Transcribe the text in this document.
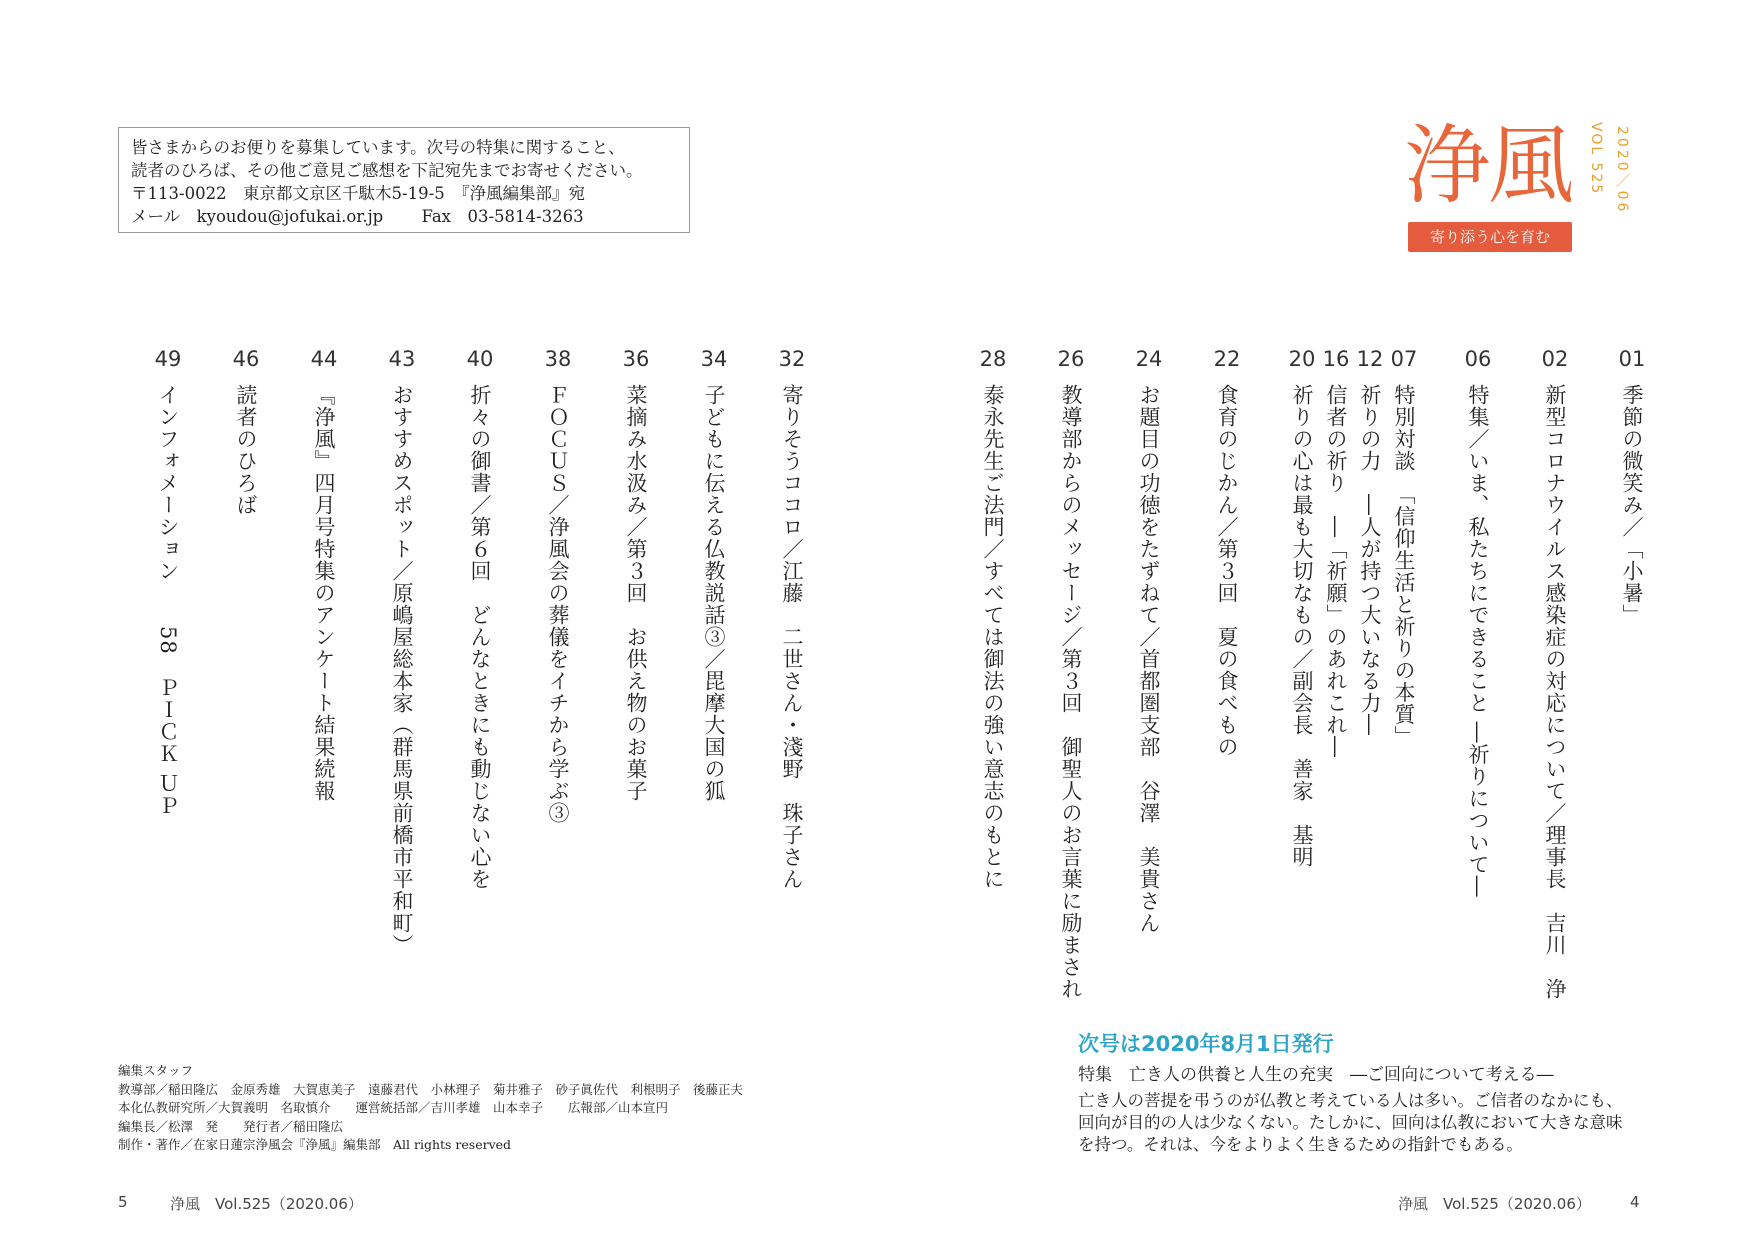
皆さまからのお便りを募集しています。次号の特集に関すること、
読者のひろば、その他ご意見ご感想を下記宛先までお寄せください。
〒113-0022　東京都文京区千駄木5-19-5　『浄風編集部』宛
メール　kyoudou@jofukai.or.jp　　 Fax　03-5814-3263
浄風
寄り添う心を育む
VOL 525 2020／06
01
季節の微笑み／「小暑」
02
新型コロナウイルス感染症の対応について／理事長　吉川　浄
06
特集／いま、私たちにできること ―祈りについて―
07
特別対談　「信仰生活と祈りの本質」
12
祈りの力　―人が持つ大いなる力―
16
信者の祈り　―「祈願」のあれこれ―
20
祈りの心は最も大切なもの／副会長　善家　基明
22
食育のじかん／第３回　夏の食べもの
24
お題目の功徳をたずねて／首都圏支部　谷澤　美貴さん
26
教導部からのメッセージ／第３回　御聖人のお言葉に励まされ
28
泰永先生ご法門／すべては御法の強い意志のもとに
32
寄りそうココロ／江藤　二世さん・淺野　珠子さん
34
子どもに伝える仏教説話③／毘摩大国の狐
36
菜摘み水汲み／第３回　お供え物のお菓子
38
ＦＯＣＵＳ／浄風会の葬儀をイチから学ぶ③
40
折々の御書／第６回　どんなときにも動じない心を
43
おすすめスポット／原嶋屋総本家（群馬県前橋市平和町）
44
『浄風』四月号特集のアンケート結果続報
46
読者のひろば
49
インフォメーション　　58　ＰＩＣＫ ＵＰ
次号は2020年8月1日発行
特集　亡き人の供養と人生の充実　―ご回向について考える―
亡き人の菩提を弔うのが仏教と考えている人は多い。ご信者のなかにも、回向が目的の人は少なくない。たしかに、回向は仏教において大きな意味を持つ。それは、今をよりよく生きるための指針でもある。
編集スタッフ
教導部／稲田隆広　金原秀雄　大賀恵美子　遠藤君代　小林理子　菊井雅子　砂子眞佐代　利根明子　後藤正夫
本化仏教研究所／大賀義明　名取慎介　　運営統括部／吉川孝雄　山本幸子　　広報部／山本宣円
編集長／松澤　発　　発行者／稲田隆広
制作・著作／在家日蓮宗浄風会『浄風』編集部　All rights reserved
5	浄風　Vol.525（2020.06）	浄風　Vol.525（2020.06）	4
